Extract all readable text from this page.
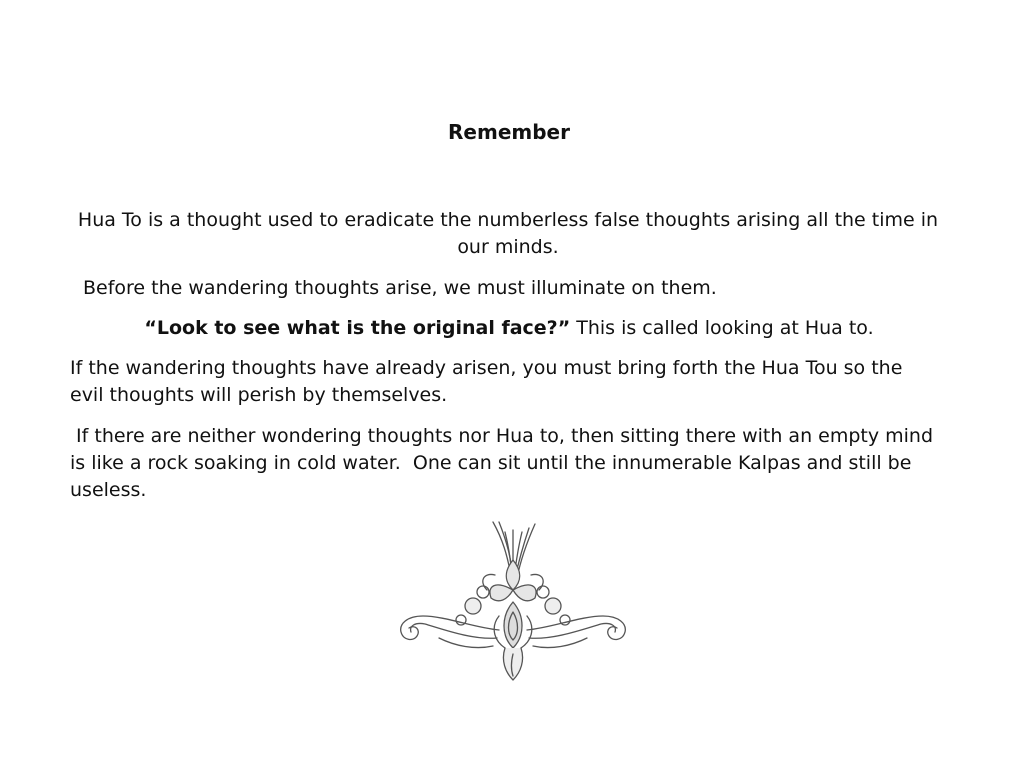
Remember

Hua To is a thought used to eradicate the numberless false thoughts arising all the time in our minds.

Before the wandering thoughts arise, we must illuminate on them.

“Look to see what is the original face?” This is called looking at Hua to.

If the wandering thoughts have already arisen, you must bring forth the Hua Tou so the evil thoughts will perish by themselves.

If there are neither wondering thoughts nor Hua to, then sitting there with an empty mind is like a rock soaking in cold water.  One can sit until the innumerable Kalpas and still be useless.
